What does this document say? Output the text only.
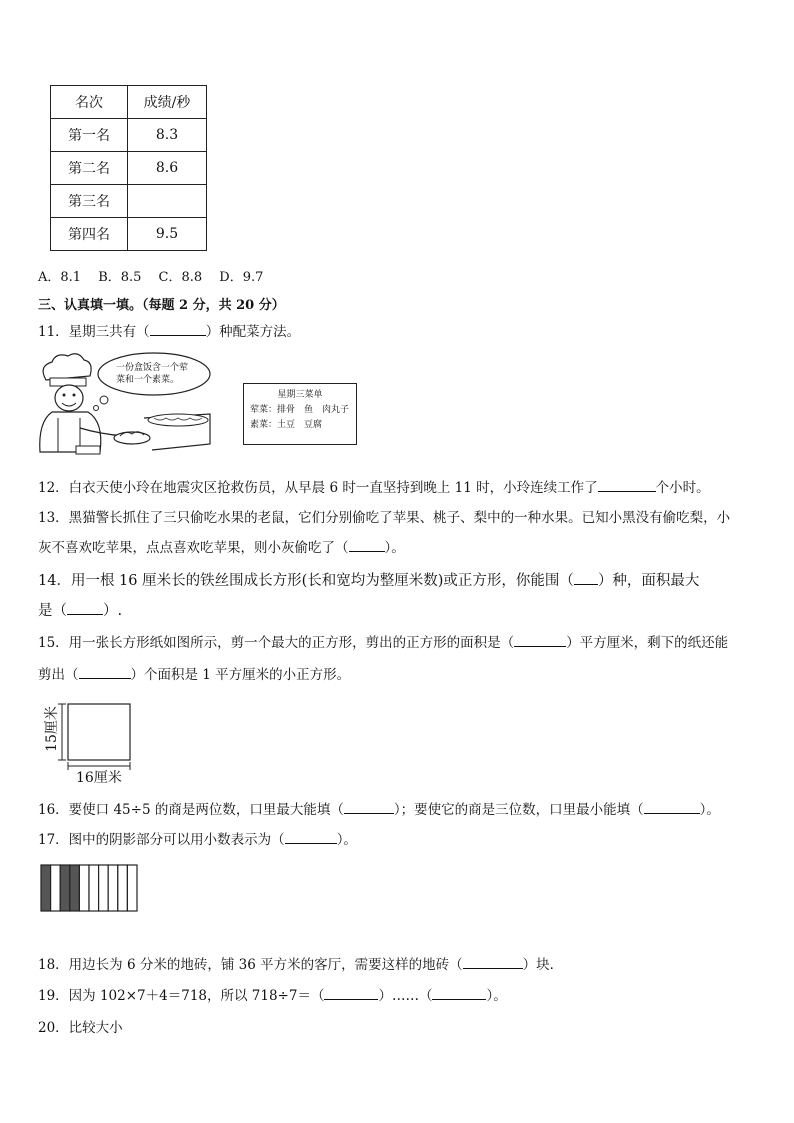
名次	成绩/秒
第一名	8.3
第二名	8.6
第三名	
第四名	9.5
A．8.1　 B．8.5　 C．8.8　 D．9.7
三、认真填一填。（每题 2 分，共 20 分）
11．星期三共有（	）种配菜方法。
一份盒饭含一个荤
菜和一个素菜。
星期三菜单
荤菜：排骨　鱼　肉丸子
素菜：土豆　豆腐
12．白衣天使小玲在地震灾区抢救伤员，从早晨 6 时一直坚持到晚上 11 时，小玲连续工作了	个小时。
13．黑猫警长抓住了三只偷吃水果的老鼠，它们分别偷吃了苹果、桃子、梨中的一种水果。已知小黑没有偷吃梨，小
灰不喜欢吃苹果，点点喜欢吃苹果，则小灰偷吃了（	）。
14．用一根 16 厘米长的铁丝围成长方形(长和宽均为整厘米数)或正方形，你能围（ ）种，面积最大
是（ ）.
15．用一张长方形纸如图所示，剪一个最大的正方形，剪出的正方形的面积是（	）平方厘米，剩下的纸还能
剪出（	）个面积是 1 平方厘米的小正方形。
15厘米
16厘米
16．要使口 45÷5 的商是两位数，口里最大能填（	）；要使它的商是三位数，口里最小能填（	）。
17．图中的阴影部分可以用小数表示为（	）。
18．用边长为 6 分米的地砖，铺 36 平方米的客厅，需要这样的地砖（	）块．
19．因为 102×7＋4＝718，所以 718÷7＝（	）……（	）。
20．比较大小
